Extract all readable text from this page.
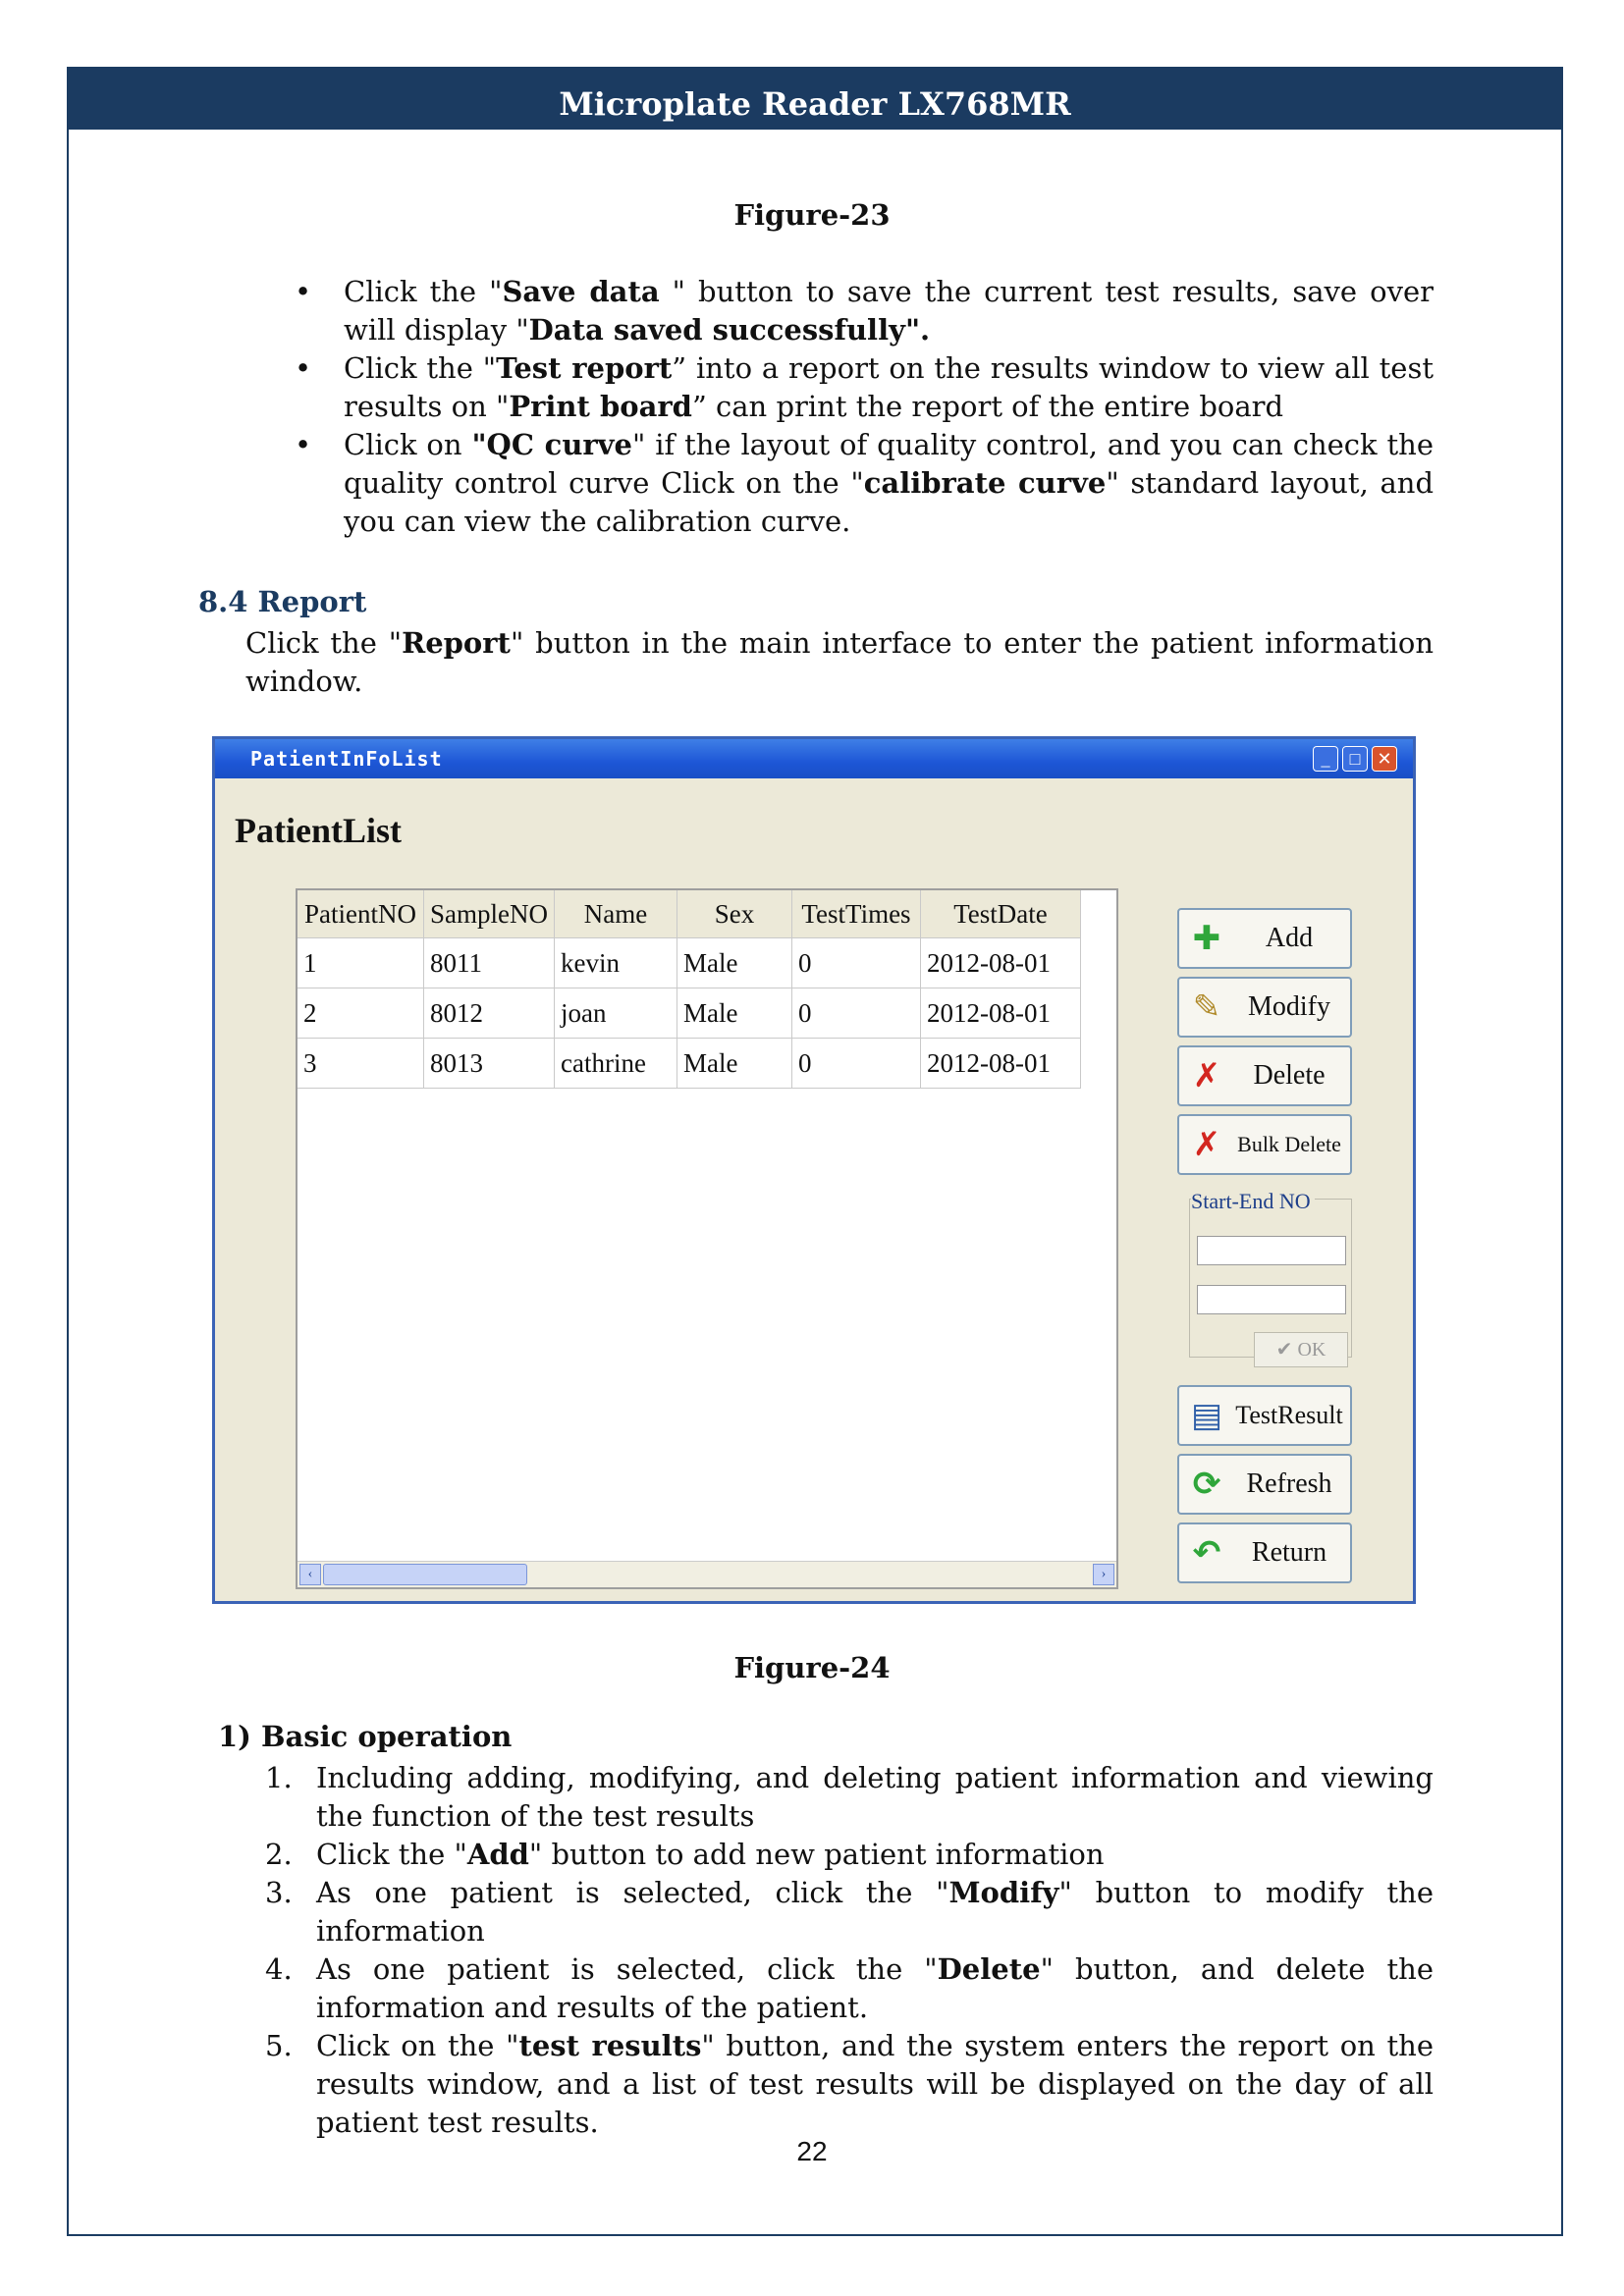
Microplate Reader LX768MR
Figure-23
• Click the "Save data " button to save the current test results, save over will display "Data saved successfully".
• Click the "Test report” into a report on the results window to view all test results on "Print board” can print the report of the entire board
• Click on "QC curve" if the layout of quality control, and you can check the quality control curve Click on the "calibrate curve" standard layout, and you can view the calibration curve.
8.4 Report
Click the "Report" button in the main interface to enter the patient information window.
PatientInFoList	_	□ ✕
PatientList
PatientNO	SampleNO	Name	Sex	TestTimes	TestDate
1	8011	kevin	Male	0	2012-08-01
2	8012	joan	Male	0	2012-08-01
3	8013	cathrine	Male	0	2012-08-01
‹	›
✚	Add
✎ Modify
✗	Delete
✗ Bulk Delete
Start-End NO
✔ OK
▤ TestResult
⟳ Refresh
↶	Return
Figure-24
1) Basic operation
1. Including adding, modifying, and deleting patient information and viewing the function of the test results
2. Click the "Add" button to add new patient information
3. As one patient is selected, click the "Modify" button to modify the information
4. As one patient is selected, click the "Delete" button, and delete the information and results of the patient.
5. Click on the "test results" button, and the system enters the report on the results window, and a list of test results will be displayed on the day of all patient test results.
22
